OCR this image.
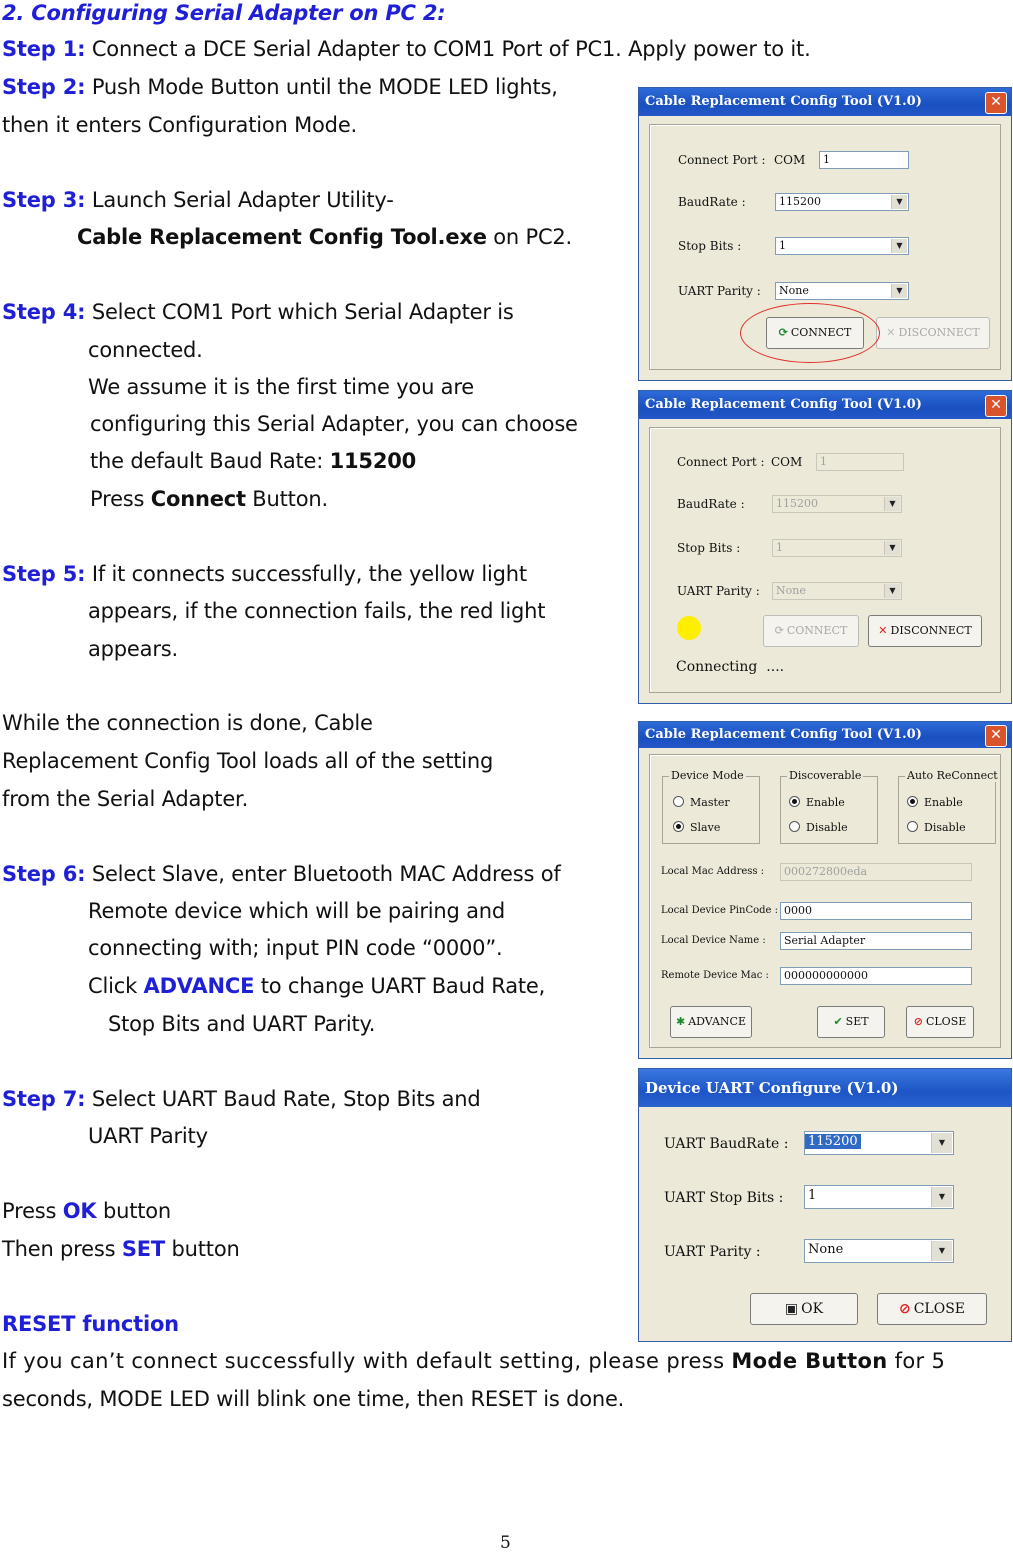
2. Configuring Serial Adapter on PC 2:
Step 1: Connect a DCE Serial Adapter to COM1 Port of PC1. Apply power to it.
Step 2: Push Mode Button until the MODE LED lights,
then it enters Configuration Mode.
Step 3: Launch Serial Adapter Utility-
Cable Replacement Config Tool.exe on PC2.
Step 4: Select COM1 Port which Serial Adapter is
connected.
We assume it is the first time you are
configuring this Serial Adapter, you can choose
the default Baud Rate: 115200
Press Connect Button.
Step 5: If it connects successfully, the yellow light
appears, if the connection fails, the red light
appears.
While the connection is done, Cable
Replacement Config Tool loads all of the setting
from the Serial Adapter.
Step 6: Select Slave, enter Bluetooth MAC Address of
Remote device which will be pairing and
connecting with; input PIN code “0000”.
Click ADVANCE to change UART Baud Rate,
Stop Bits and UART Parity.
Step 7: Select UART Baud Rate, Stop Bits and
UART Parity
Press OK button
Then press SET button
RESET function
If you can’t connect successfully with default setting, please press Mode Button for 5
seconds, MODE LED will blink one time, then RESET is done.
5
Cable Replacement Config Tool (V1.0)	✕
Connect Port : COM	1
BaudRate :	115200	▼
Stop Bits :	1	▼
UART Parity :	None	▼
⟳ CONNECT	✕ DISCONNECT
Cable Replacement Config Tool (V1.0)	✕
Connect Port : COM	1
BaudRate :	115200	▼
Stop Bits :	1	▼
UART Parity :	None	▼
⟳ CONNECT	✕ DISCONNECT
Connecting ....
Cable Replacement Config Tool (V1.0)	✕
Device Mode
Master
Slave
Discoverable
Enable
Disable
Auto ReConnect
Enable
Disable
Local Mac Address :	000272800eda
Local Device PinCode : 0000
Local Device Name :	Serial Adapter
Remote Device Mac :	000000000000
✱ ADVANCE	✔ SET	⊘ CLOSE
Device UART Configure (V1.0)
UART BaudRate :	115200	▼
UART Stop Bits :	1	▼
UART Parity :	None	▼
▣ OK	⊘ CLOSE
